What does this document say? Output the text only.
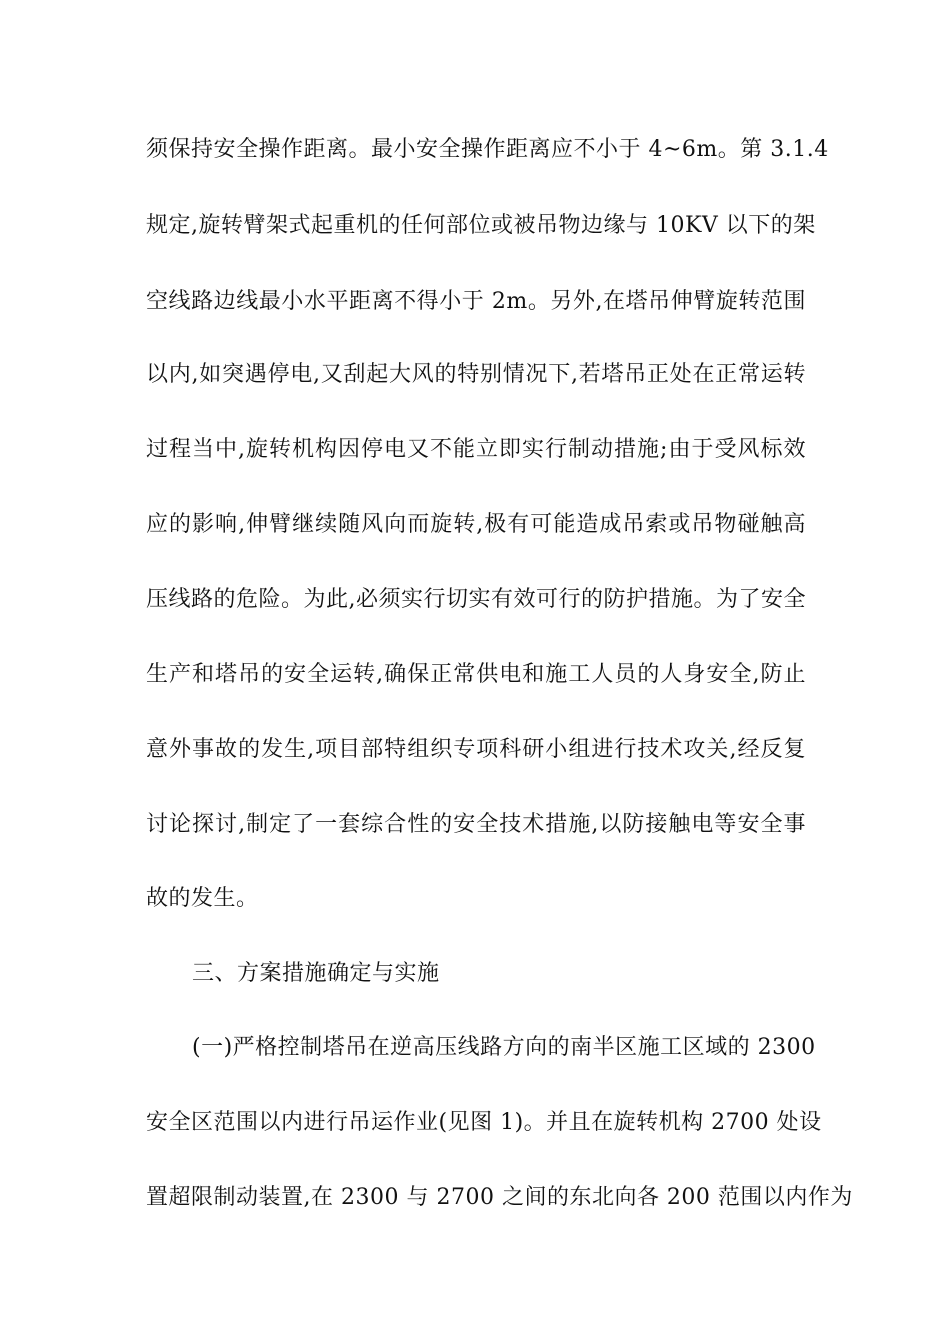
须保持安全操作距离。最小安全操作距离应不小于 4~6m。第 3.1.4
规定,旋转臂架式起重机的任何部位或被吊物边缘与 10KV 以下的架
空线路边线最小水平距离不得小于 2m。另外,在塔吊伸臂旋转范围
以内,如突遇停电,又刮起大风的特别情况下,若塔吊正处在正常运转
过程当中,旋转机构因停电又不能立即实行制动措施;由于受风标效
应的影响,伸臂继续随风向而旋转,极有可能造成吊索或吊物碰触高
压线路的危险。为此,必须实行切实有效可行的防护措施。为了安全
生产和塔吊的安全运转,确保正常供电和施工人员的人身安全,防止
意外事故的发生,项目部特组织专项科研小组进行技术攻关,经反复
讨论探讨,制定了一套综合性的安全技术措施,以防接触电等安全事
故的发生。
三、方案措施确定与实施
(一)严格控制塔吊在逆高压线路方向的南半区施工区域的 2300
安全区范围以内进行吊运作业(见图 1)。并且在旋转机构 2700 处设
置超限制动装置,在 2300 与 2700 之间的东北向各 200 范围以内作为
